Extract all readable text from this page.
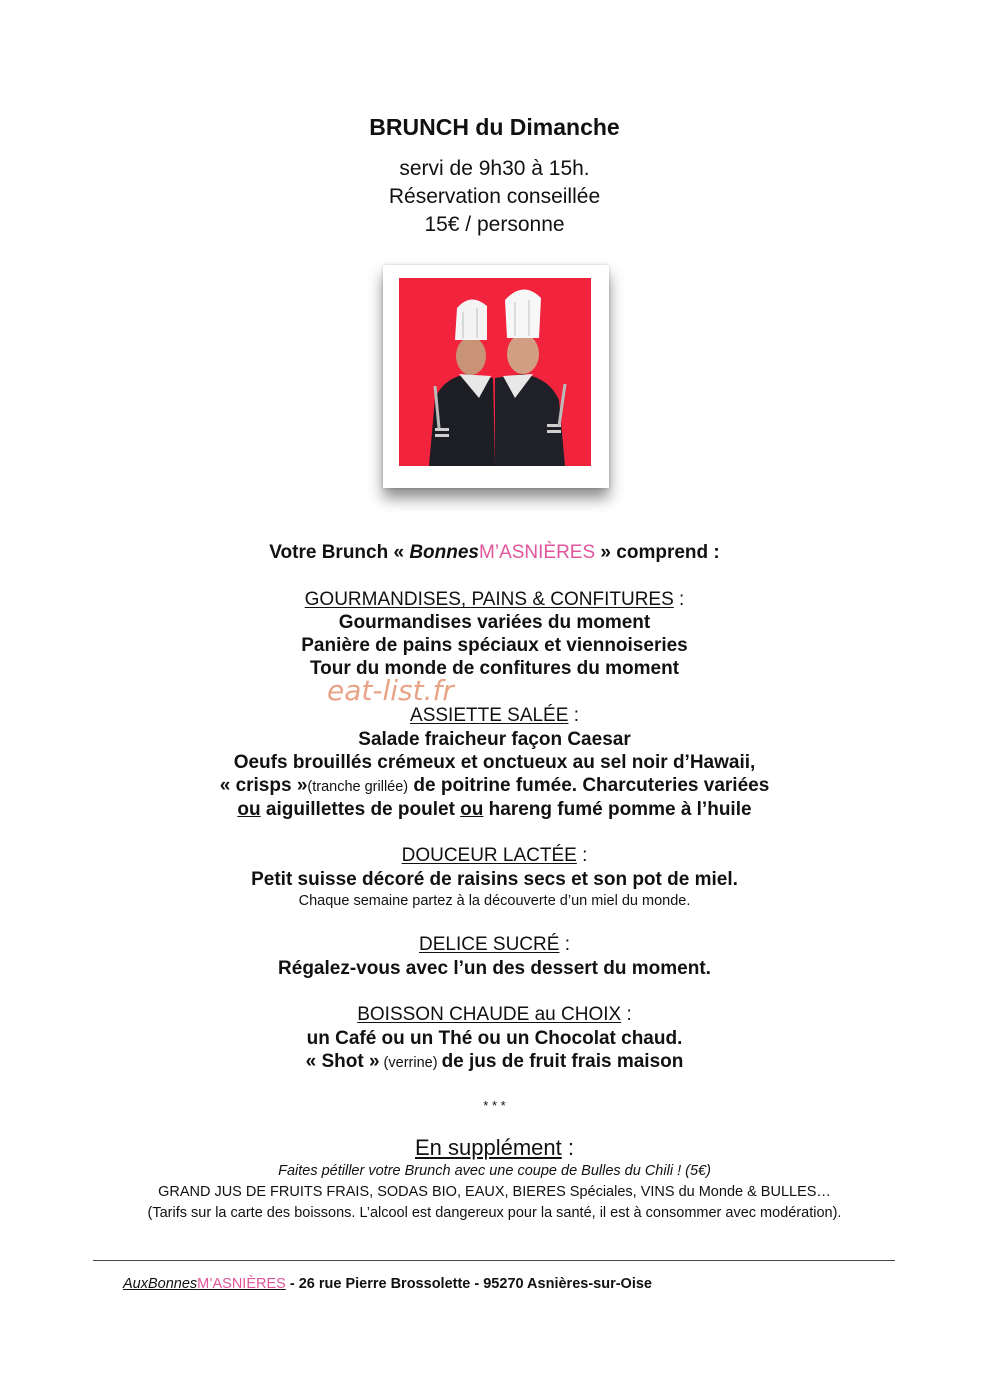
BRUNCH du Dimanche
servi de 9h30 à 15h.
Réservation conseillée
15€ / personne
Votre Brunch « BonnesM’ASNIÈRES » comprend :
GOURMANDISES, PAINS & CONFITURES :
Gourmandises variées du moment
Panière de pains spéciaux et viennoiseries
Tour du monde de confitures du moment
eat-list.fr
ASSIETTE SALÉE :
Salade fraicheur façon Caesar
Oeufs brouillés crémeux et onctueux au sel noir d’Hawaii,
« crisps »(tranche grillée) de poitrine fumée. Charcuteries variées
ou aiguillettes de poulet ou hareng fumé pomme à l’huile
DOUCEUR LACTÉE :
Petit suisse décoré de raisins secs et son pot de miel.
Chaque semaine partez à la découverte d’un miel du monde.
DELICE SUCRÉ :
Régalez-vous avec l’un des dessert du moment.
BOISSON CHAUDE au CHOIX :
un Café ou un Thé ou un Chocolat chaud.
« Shot » (verrine) de jus de fruit frais maison
* * *
En supplément :
Faites pétiller votre Brunch avec une coupe de Bulles du Chili ! (5€)
GRAND JUS DE FRUITS FRAIS, SODAS BIO, EAUX, BIERES Spéciales, VINS du Monde & BULLES…
(Tarifs sur la carte des boissons. L’alcool est dangereux pour la santé, il est à consommer avec modération).
AuxBonnesM’ASNIÈRES - 26 rue Pierre Brossolette - 95270 Asnières-sur-Oise
